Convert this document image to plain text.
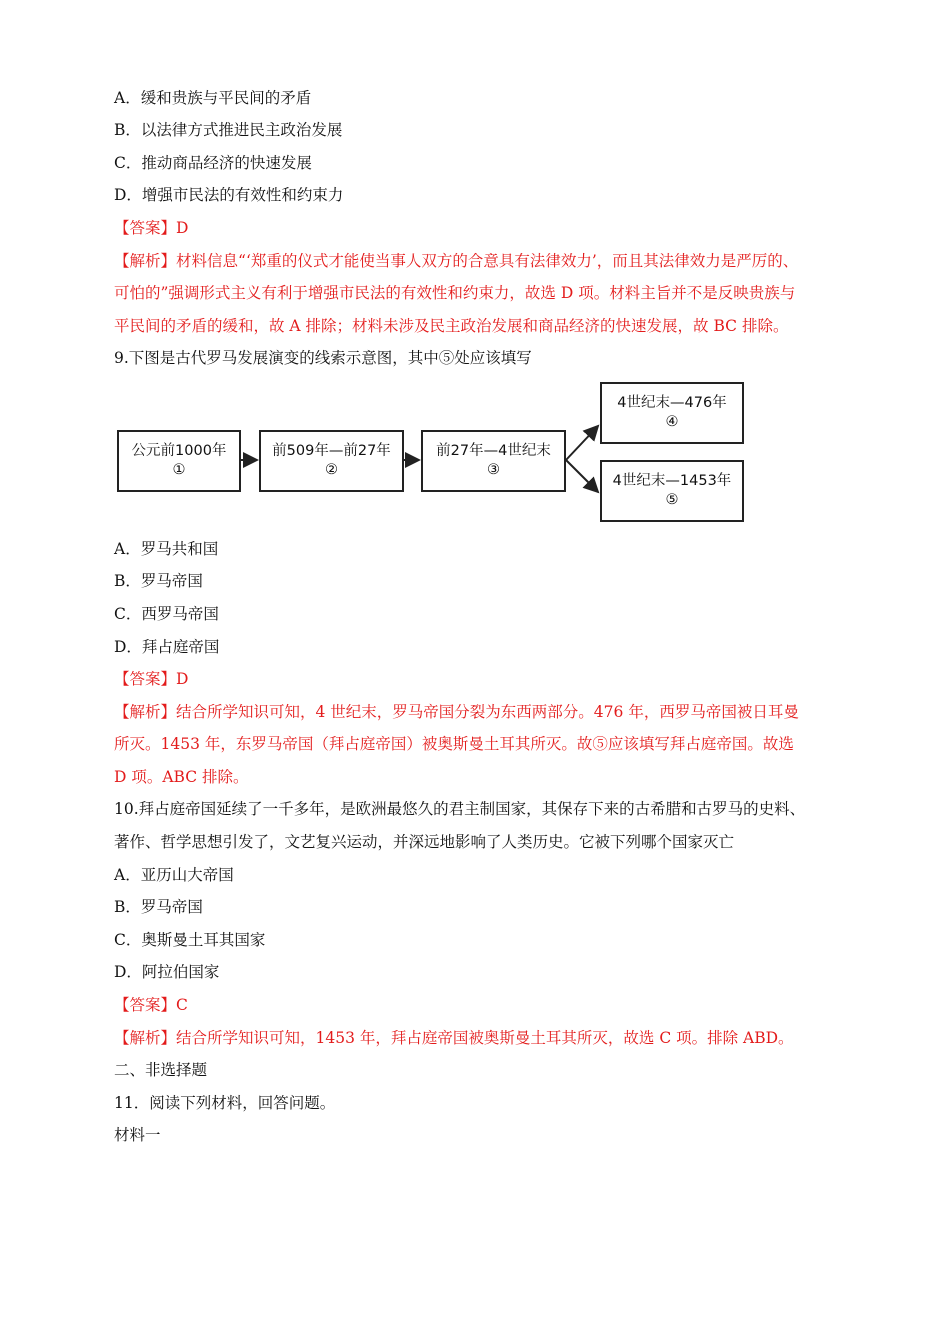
A．缓和贵族与平民间的矛盾
B．以法律方式推进民主政治发展
C．推动商品经济的快速发展
D．增强市民法的有效性和约束力
【答案】D
【解析】材料信息“‘郑重的仪式才能使当事人双方的合意具有法律效力’，而且其法律效力是严厉的、
可怕的”强调形式主义有利于增强市民法的有效性和约束力，故选 D 项。材料主旨并不是反映贵族与
平民间的矛盾的缓和，故 A 排除；材料未涉及民主政治发展和商品经济的快速发展，故 BC 排除。
9.下图是古代罗马发展演变的线索示意图，其中⑤处应该填写
公元前1000年
①
前509年—前27年
②
前27年—4世纪末
③
4世纪末—476年
④
4世纪末—1453年
⑤
A．罗马共和国
B．罗马帝国
C．西罗马帝国
D．拜占庭帝国
【答案】D
【解析】结合所学知识可知，4 世纪末，罗马帝国分裂为东西两部分。476 年，西罗马帝国被日耳曼
所灭。1453 年，东罗马帝国（拜占庭帝国）被奥斯曼土耳其所灭。故⑤应该填写拜占庭帝国。故选
D 项。ABC 排除。
10.拜占庭帝国延续了一千多年，是欧洲最悠久的君主制国家，其保存下来的古希腊和古罗马的史料、
著作、哲学思想引发了，文艺复兴运动，并深远地影响了人类历史。它被下列哪个国家灭亡
A．亚历山大帝国
B．罗马帝国
C．奥斯曼土耳其国家
D．阿拉伯国家
【答案】C
【解析】结合所学知识可知，1453 年，拜占庭帝国被奥斯曼土耳其所灭，故选 C 项。排除 ABD。
二、非选择题
11．阅读下列材料，回答问题。
材料一
